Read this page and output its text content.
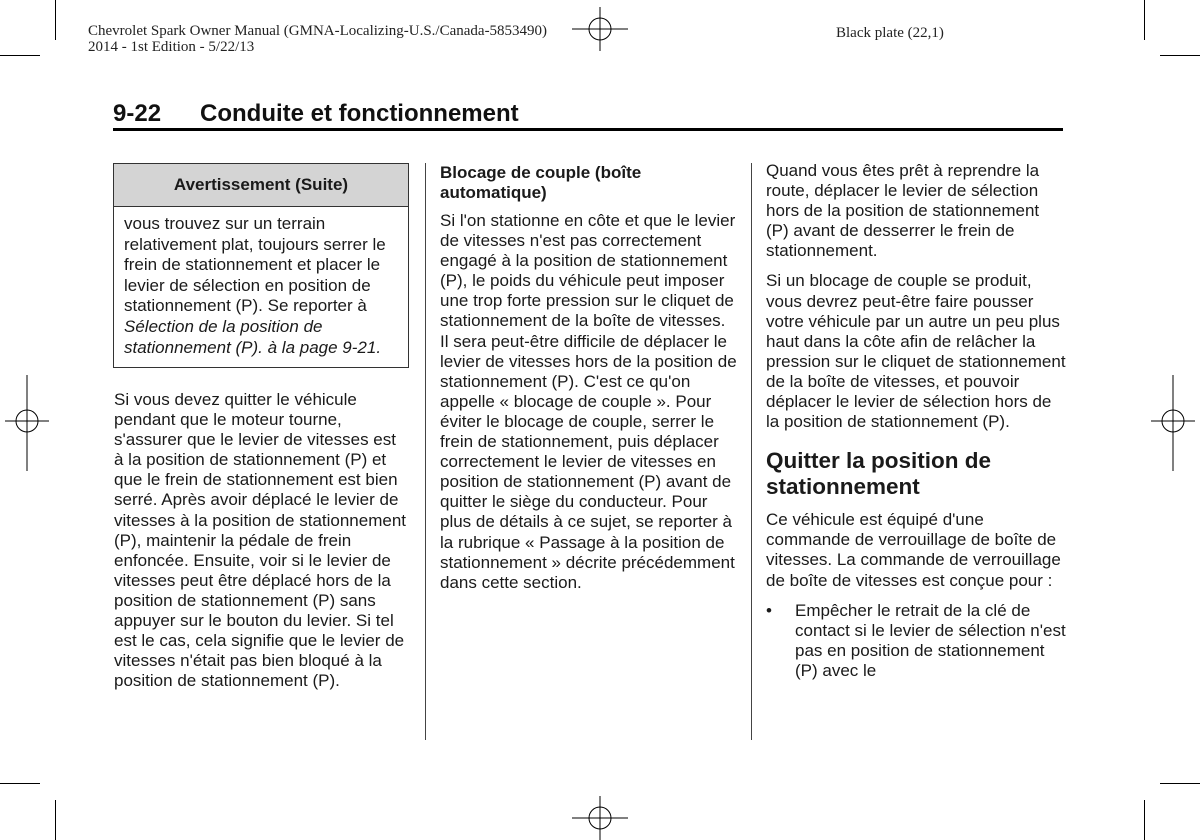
Chevrolet Spark Owner Manual (GMNA-Localizing-U.S./Canada-5853490)
2014 - 1st Edition - 5/22/13
Black plate (22,1)
9-22 Conduite et fonctionnement
Avertissement (Suite)
vous trouvez sur un terrain relativement plat, toujours serrer le frein de stationnement et placer le levier de sélection en position de stationnement (P). Se reporter à Sélection de la position de stationnement (P). à la page 9-21.

Si vous devez quitter le véhicule pendant que le moteur tourne, s'assurer que le levier de vitesses est à la position de stationnement (P) et que le frein de stationnement est bien serré. Après avoir déplacé le levier de vitesses à la position de stationnement (P), maintenir la pédale de frein enfoncée. Ensuite, voir si le levier de vitesses peut être déplacé hors de la position de stationnement (P) sans appuyer sur le bouton du levier. Si tel est le cas, cela signifie que le levier de vitesses n'était pas bien bloqué à la position de stationnement (P).

Blocage de couple (boîte automatique)

Si l'on stationne en côte et que le levier de vitesses n'est pas correctement engagé à la position de stationnement (P), le poids du véhicule peut imposer une trop forte pression sur le cliquet de stationnement de la boîte de vitesses. Il sera peut-être difficile de déplacer le levier de vitesses hors de la position de stationnement (P). C'est ce qu'on appelle « blocage de couple ». Pour éviter le blocage de couple, serrer le frein de stationnement, puis déplacer correctement le levier de vitesses en position de stationnement (P) avant de quitter le siège du conducteur. Pour plus de détails à ce sujet, se reporter à la rubrique « Passage à la position de stationnement » décrite précédemment dans cette section.

Quand vous êtes prêt à reprendre la route, déplacer le levier de sélection hors de la position de stationnement (P) avant de desserrer le frein de stationnement.

Si un blocage de couple se produit, vous devrez peut-être faire pousser votre véhicule par un autre un peu plus haut dans la côte afin de relâcher la pression sur le cliquet de stationnement de la boîte de vitesses, et pouvoir déplacer le levier de sélection hors de la position de stationnement (P).

Quitter la position de stationnement

Ce véhicule est équipé d'une commande de verrouillage de boîte de vitesses. La commande de verrouillage de boîte de vitesses est conçue pour :

• Empêcher le retrait de la clé de contact si le levier de sélection n'est pas en position de stationnement (P) avec le
